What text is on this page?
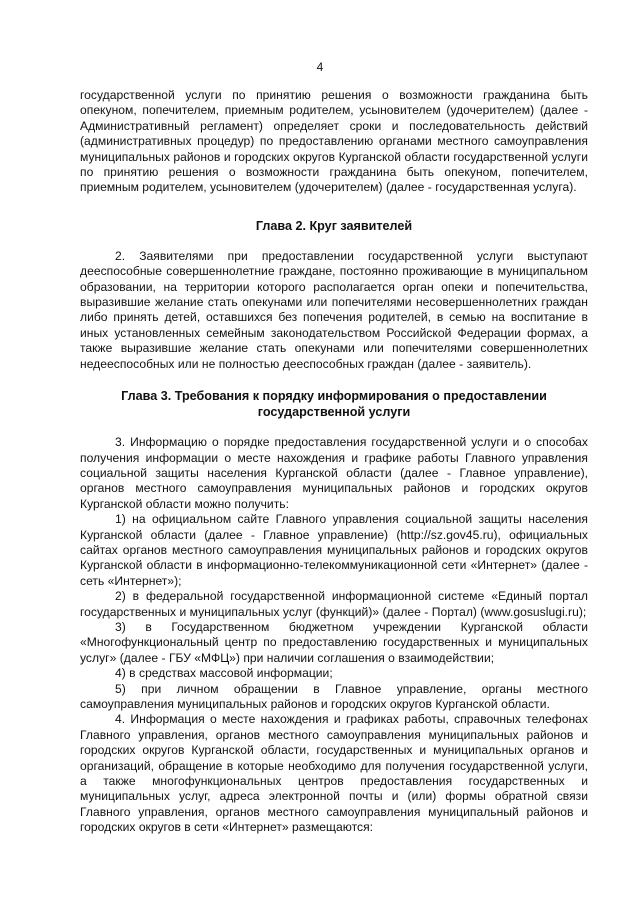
4

государственной услуги по принятию решения о возможности гражданина быть опекуном, попечителем, приемным родителем, усыновителем (удочерителем) (далее - Административный регламент) определяет сроки и последовательность действий (административных процедур) по предоставлению органами местного самоуправления муниципальных районов и городских округов Курганской области государственной услуги по принятию решения о возможности гражданина быть опекуном, попечителем, приемным родителем, усыновителем (удочерителем) (далее - государственная услуга).

Глава 2. Круг заявителей

2. Заявителями при предоставлении государственной услуги выступают дееспособные совершеннолетние граждане, постоянно проживающие в муниципальном образовании, на территории которого располагается орган опеки и попечительства, выразившие желание стать опекунами или попечителями несовершеннолетних граждан либо принять детей, оставшихся без попечения родителей, в семью на воспитание в иных установленных семейным законодательством Российской Федерации формах, а также выразившие желание стать опекунами или попечителями совершеннолетних недееспособных или не полностью дееспособных граждан (далее - заявитель).

Глава 3. Требования к порядку информирования о предоставлении
государственной услуги

3. Информацию о порядке предоставления государственной услуги и о способах получения информации о месте нахождения и графике работы Главного управления социальной защиты населения Курганской области (далее - Главное управление), органов местного самоуправления муниципальных районов и городских округов Курганской области можно получить:

1) на официальном сайте Главного управления социальной защиты населения Курганской области (далее - Главное управление) (http://sz.gov45.ru), официальных сайтах органов местного самоуправления муниципальных районов и городских округов Курганской области в информационно-телекоммуникационной сети «Интернет» (далее - сеть «Интернет»);

2) в федеральной государственной информационной системе «Единый портал государственных и муниципальных услуг (функций)» (далее - Портал) (www.gosuslugi.ru);

3) в Государственном бюджетном учреждении Курганской области «Многофункциональный центр по предоставлению государственных и муниципальных услуг» (далее - ГБУ «МФЦ») при наличии соглашения о взаимодействии;

4) в средствах массовой информации;

5) при личном обращении в Главное управление, органы местного самоуправления муниципальных районов и городских округов Курганской области.

4. Информация о месте нахождения и графиках работы, справочных телефонах Главного управления, органов местного самоуправления муниципальных районов и городских округов Курганской области, государственных и муниципальных органов и организаций, обращение в которые необходимо для получения государственной услуги, а также многофункциональных центров предоставления государственных и муниципальных услуг, адреса электронной почты и (или) формы обратной связи Главного управления, органов местного самоуправления муниципальный районов и городских округов в сети «Интернет» размещаются:
